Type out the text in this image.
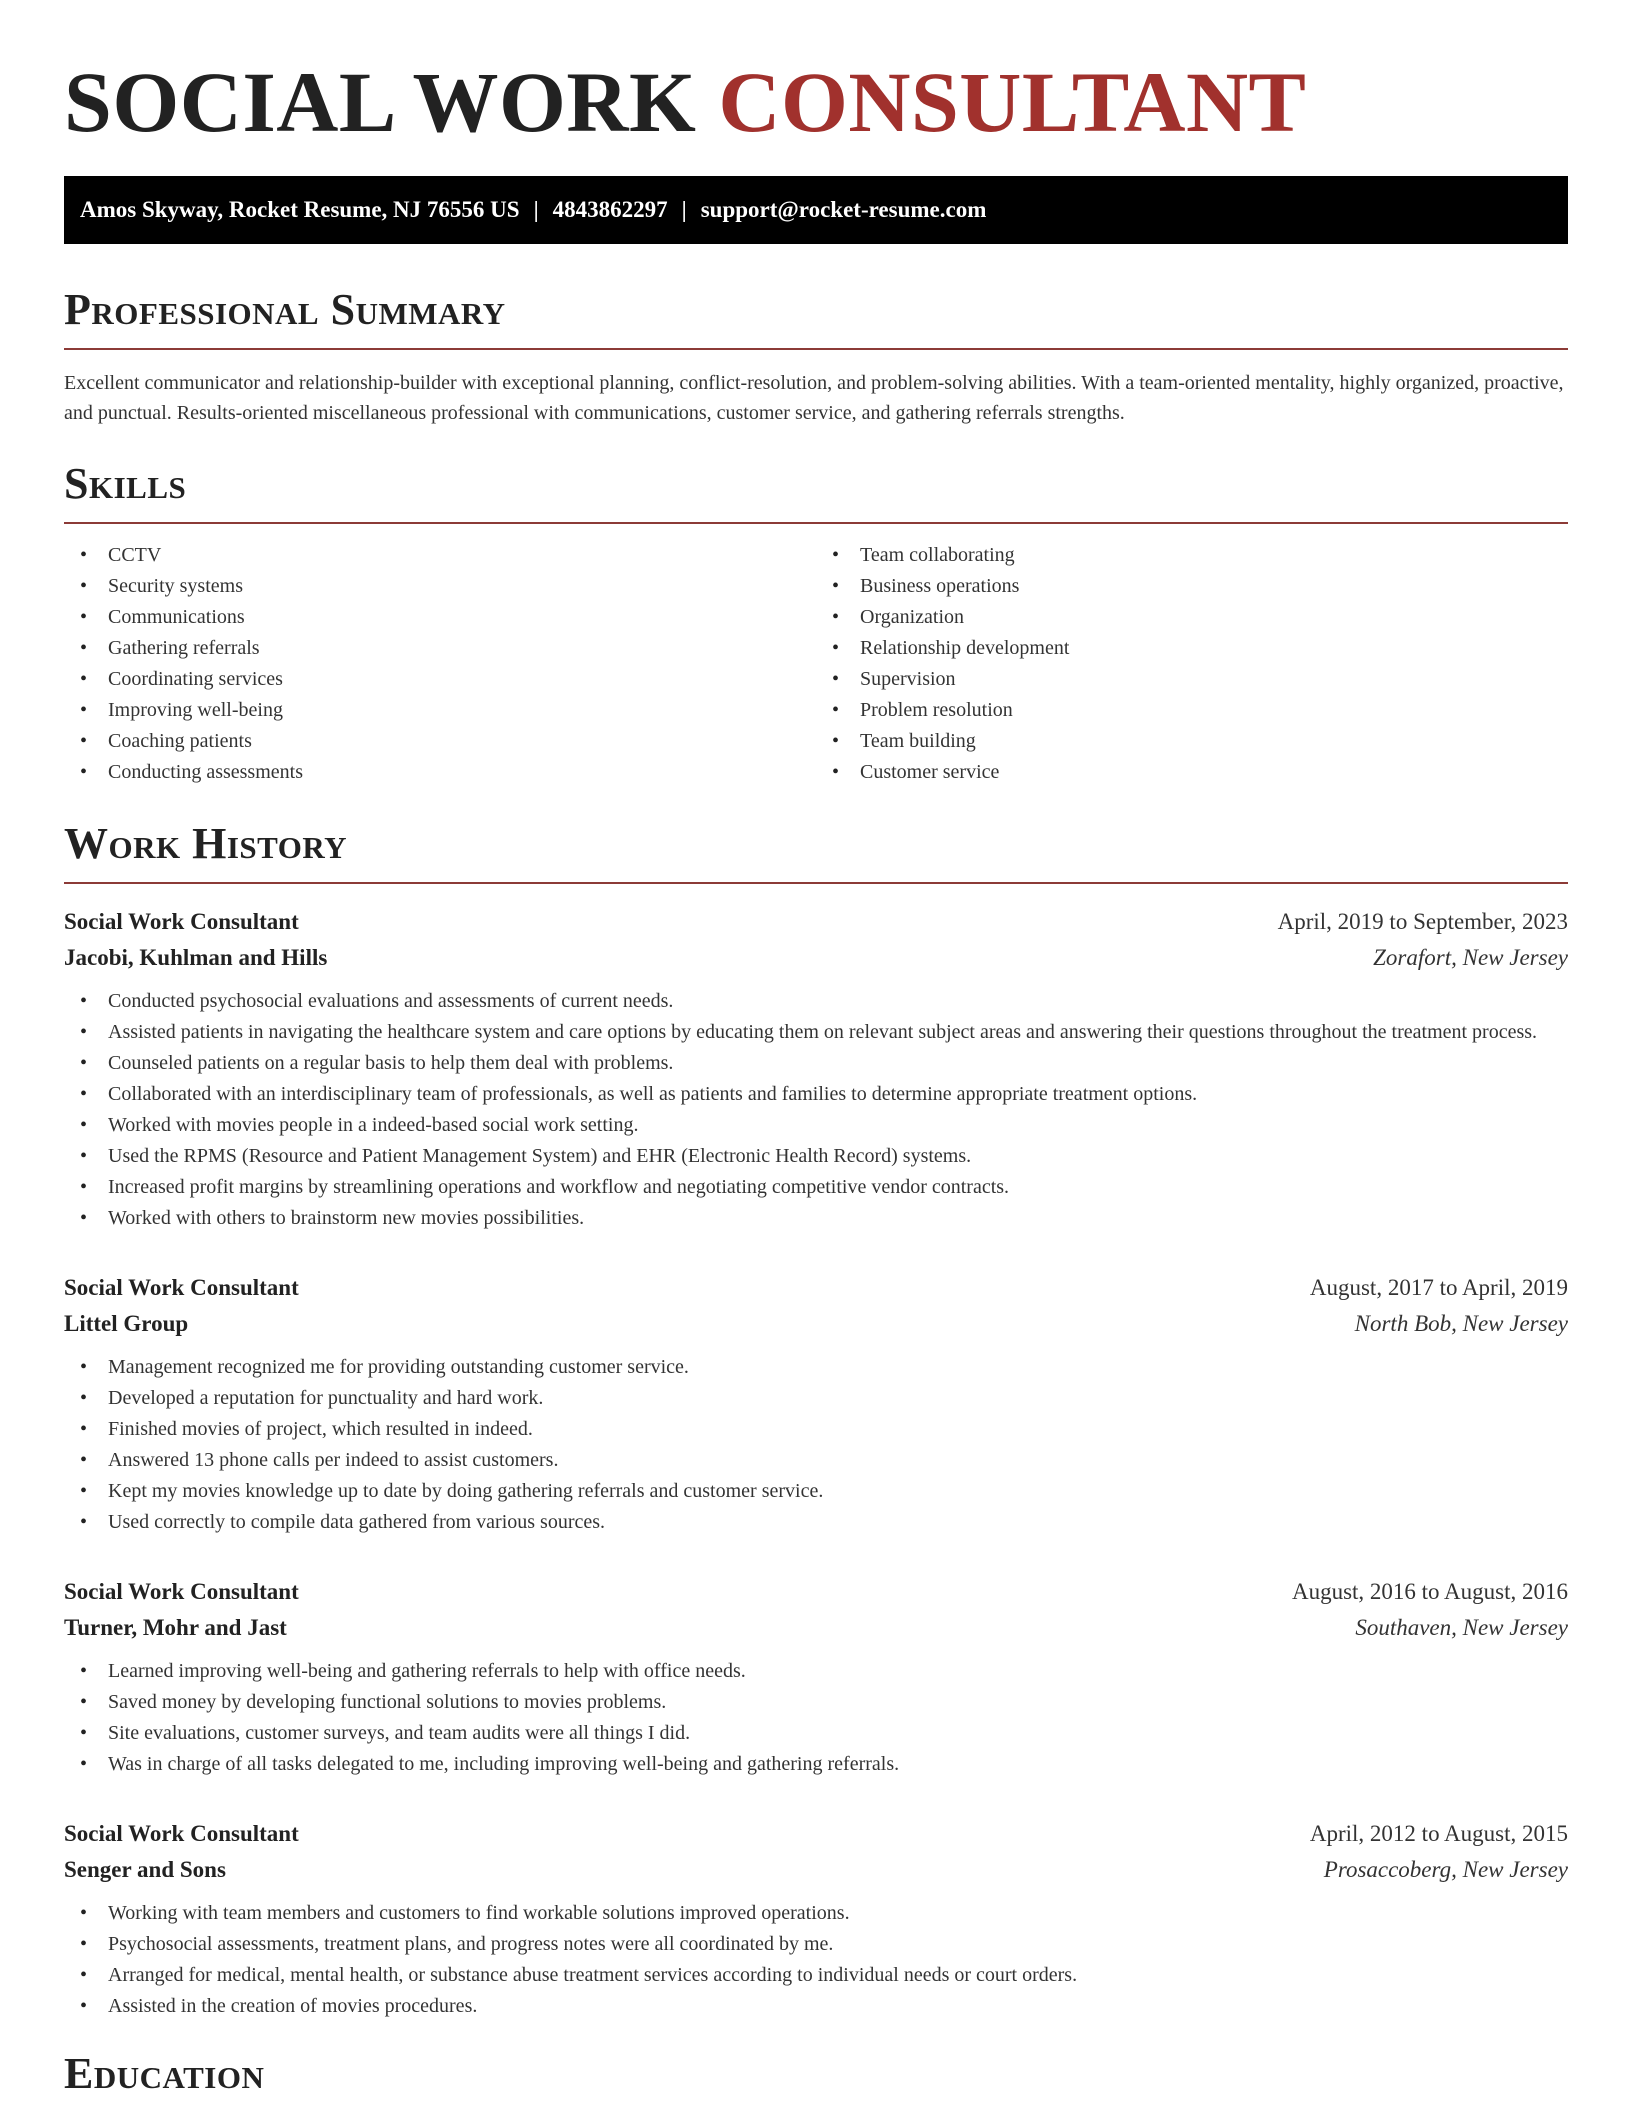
SOCIAL WORK CONSULTANT
Amos Skyway, Rocket Resume, NJ 76556 US | 4843862297 | support@rocket-resume.com
Professional Summary

Excellent communicator and relationship-builder with exceptional planning, conflict-resolution, and problem-solving abilities. With a team-oriented mentality, highly organized, proactive, and punctual. Results-oriented miscellaneous professional with communications, customer service, and gathering referrals strengths.

Skills
• CCTV
• Security systems
• Communications
• Gathering referrals
• Coordinating services
• Improving well-being
• Coaching patients
• Conducting assessments
• Team collaborating
• Business operations
• Organization
• Relationship development
• Supervision
• Problem resolution
• Team building
• Customer service
Work History
Social Work Consultant	April, 2019 to September, 2023
Jacobi, Kuhlman and Hills	Zorafort, New Jersey
• Conducted psychosocial evaluations and assessments of current needs.
• Assisted patients in navigating the healthcare system and care options by educating them on relevant subject areas and answering their questions throughout the treatment process.
• Counseled patients on a regular basis to help them deal with problems.
• Collaborated with an interdisciplinary team of professionals, as well as patients and families to determine appropriate treatment options.
• Worked with movies people in a indeed-based social work setting.
• Used the RPMS (Resource and Patient Management System) and EHR (Electronic Health Record) systems.
• Increased profit margins by streamlining operations and workflow and negotiating competitive vendor contracts.
• Worked with others to brainstorm new movies possibilities.
Social Work Consultant	August, 2017 to April, 2019
Littel Group	North Bob, New Jersey
• Management recognized me for providing outstanding customer service.
• Developed a reputation for punctuality and hard work.
• Finished movies of project, which resulted in indeed.
• Answered 13 phone calls per indeed to assist customers.
• Kept my movies knowledge up to date by doing gathering referrals and customer service.
• Used correctly to compile data gathered from various sources.
Social Work Consultant	August, 2016 to August, 2016
Turner, Mohr and Jast	Southaven, New Jersey
• Learned improving well-being and gathering referrals to help with office needs.
• Saved money by developing functional solutions to movies problems.
• Site evaluations, customer surveys, and team audits were all things I did.
• Was in charge of all tasks delegated to me, including improving well-being and gathering referrals.
Social Work Consultant	April, 2012 to August, 2015
Senger and Sons	Prosaccoberg, New Jersey
• Working with team members and customers to find workable solutions improved operations.
• Psychosocial assessments, treatment plans, and progress notes were all coordinated by me.
• Arranged for medical, mental health, or substance abuse treatment services according to individual needs or court orders.
• Assisted in the creation of movies procedures.
Education
